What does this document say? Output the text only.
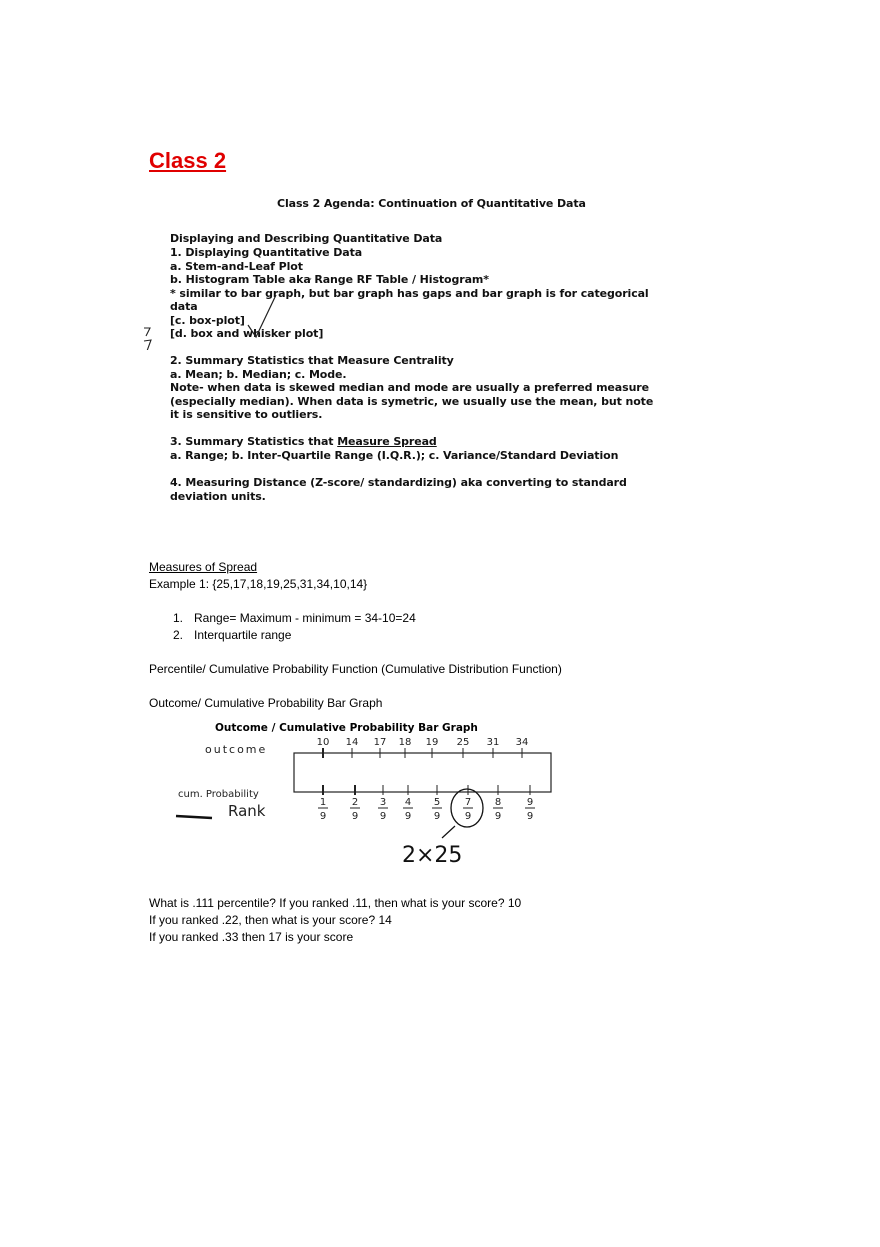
Class 2
Class 2 Agenda: Continuation of Quantitative Data
Displaying and Describing Quantitative Data
1. Displaying Quantitative Data
a. Stem-and-Leaf Plot
b. Histogram Table aka Range RF Table / Histogram*
* similar to bar graph, but bar graph has gaps and bar graph is for categorical
data
[c. box-plot]
[d. box and whisker plot]
2. Summary Statistics that Measure Centrality
a. Mean; b. Median; c. Mode.
Note- when data is skewed median and mode are usually a preferred measure
(especially median). When data is symetric, we usually use the mean, but note
it is sensitive to outliers.
3. Summary Statistics that Measure Spread
a. Range; b. Inter-Quartile Range (I.Q.R.); c. Variance/Standard Deviation
4. Measuring Distance (Z-score/ standardizing) aka converting to standard
deviation units.
Measures of Spread
Example 1: {25,17,18,19,25,31,34,10,14}
1. Range= Maximum - minimum = 34-10=24
2. Interquartile range
Percentile/ Cumulative Probability Function (Cumulative Distribution Function)
Outcome/ Cumulative Probability Bar Graph
Outcome / Cumulative Probability Bar Graph
outcome
cum. Probability
Rank
10 14 17 18 19 25 31 34
1
9
2
9
3
9
4
9
5
9
7
9
8
9
9
9
2×25
What is .111 percentile? If you ranked .11, then what is your score? 10
If you ranked .22, then what is your score? 14
If you ranked .33 then 17 is your score
